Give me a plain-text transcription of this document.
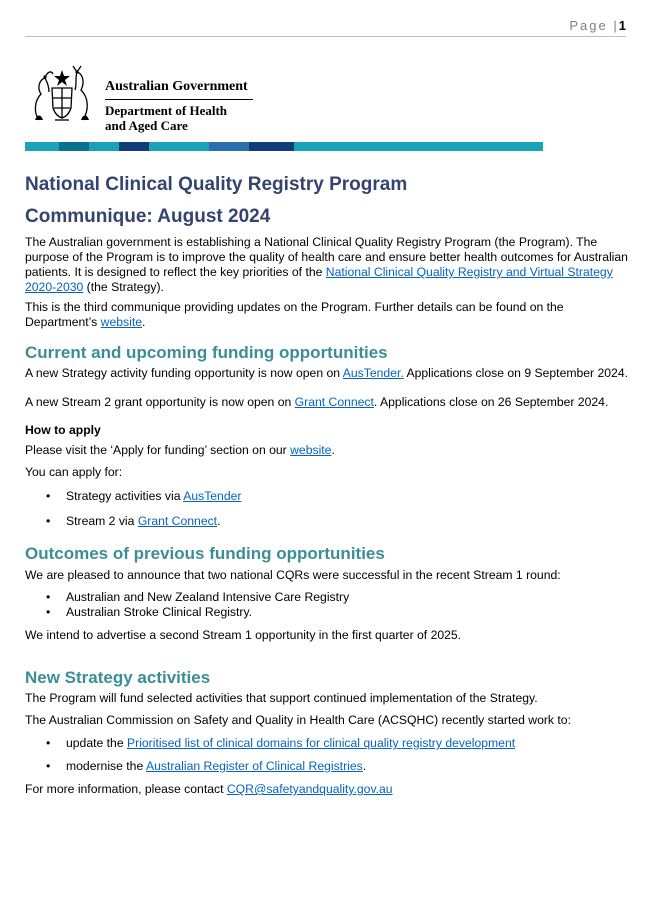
Page |1
Australian Government
Department of Health
and Aged Care
National Clinical Quality Registry Program
Communique: August 2024

The Australian government is establishing a National Clinical Quality Registry Program (the Program). The purpose of the Program is to improve the quality of health care and ensure better health outcomes for Australian patients. It is designed to reflect the key priorities of the National Clinical Quality Registry and Virtual Strategy 2020-2030 (the Strategy).

This is the third communique providing updates on the Program. Further details can be found on the Department’s website.

Current and upcoming funding opportunities

A new Strategy activity funding opportunity is now open on AusTender. Applications close on 9 September 2024.

A new Stream 2 grant opportunity is now open on Grant Connect. Applications close on 26 September 2024.

How to apply

Please visit the ‘Apply for funding’ section on our website.

You can apply for:

• Strategy activities via AusTender
• Stream 2 via Grant Connect.
Outcomes of previous funding opportunities

We are pleased to announce that two national CQRs were successful in the recent Stream 1 round:

• Australian and New Zealand Intensive Care Registry
• Australian Stroke Clinical Registry.

We intend to advertise a second Stream 1 opportunity in the first quarter of 2025.

New Strategy activities

The Program will fund selected activities that support continued implementation of the Strategy.

The Australian Commission on Safety and Quality in Health Care (ACSQHC) recently started work to:

• update the Prioritised list of clinical domains for clinical quality registry development
• modernise the Australian Register of Clinical Registries.

For more information, please contact CQR@safetyandquality.gov.au
